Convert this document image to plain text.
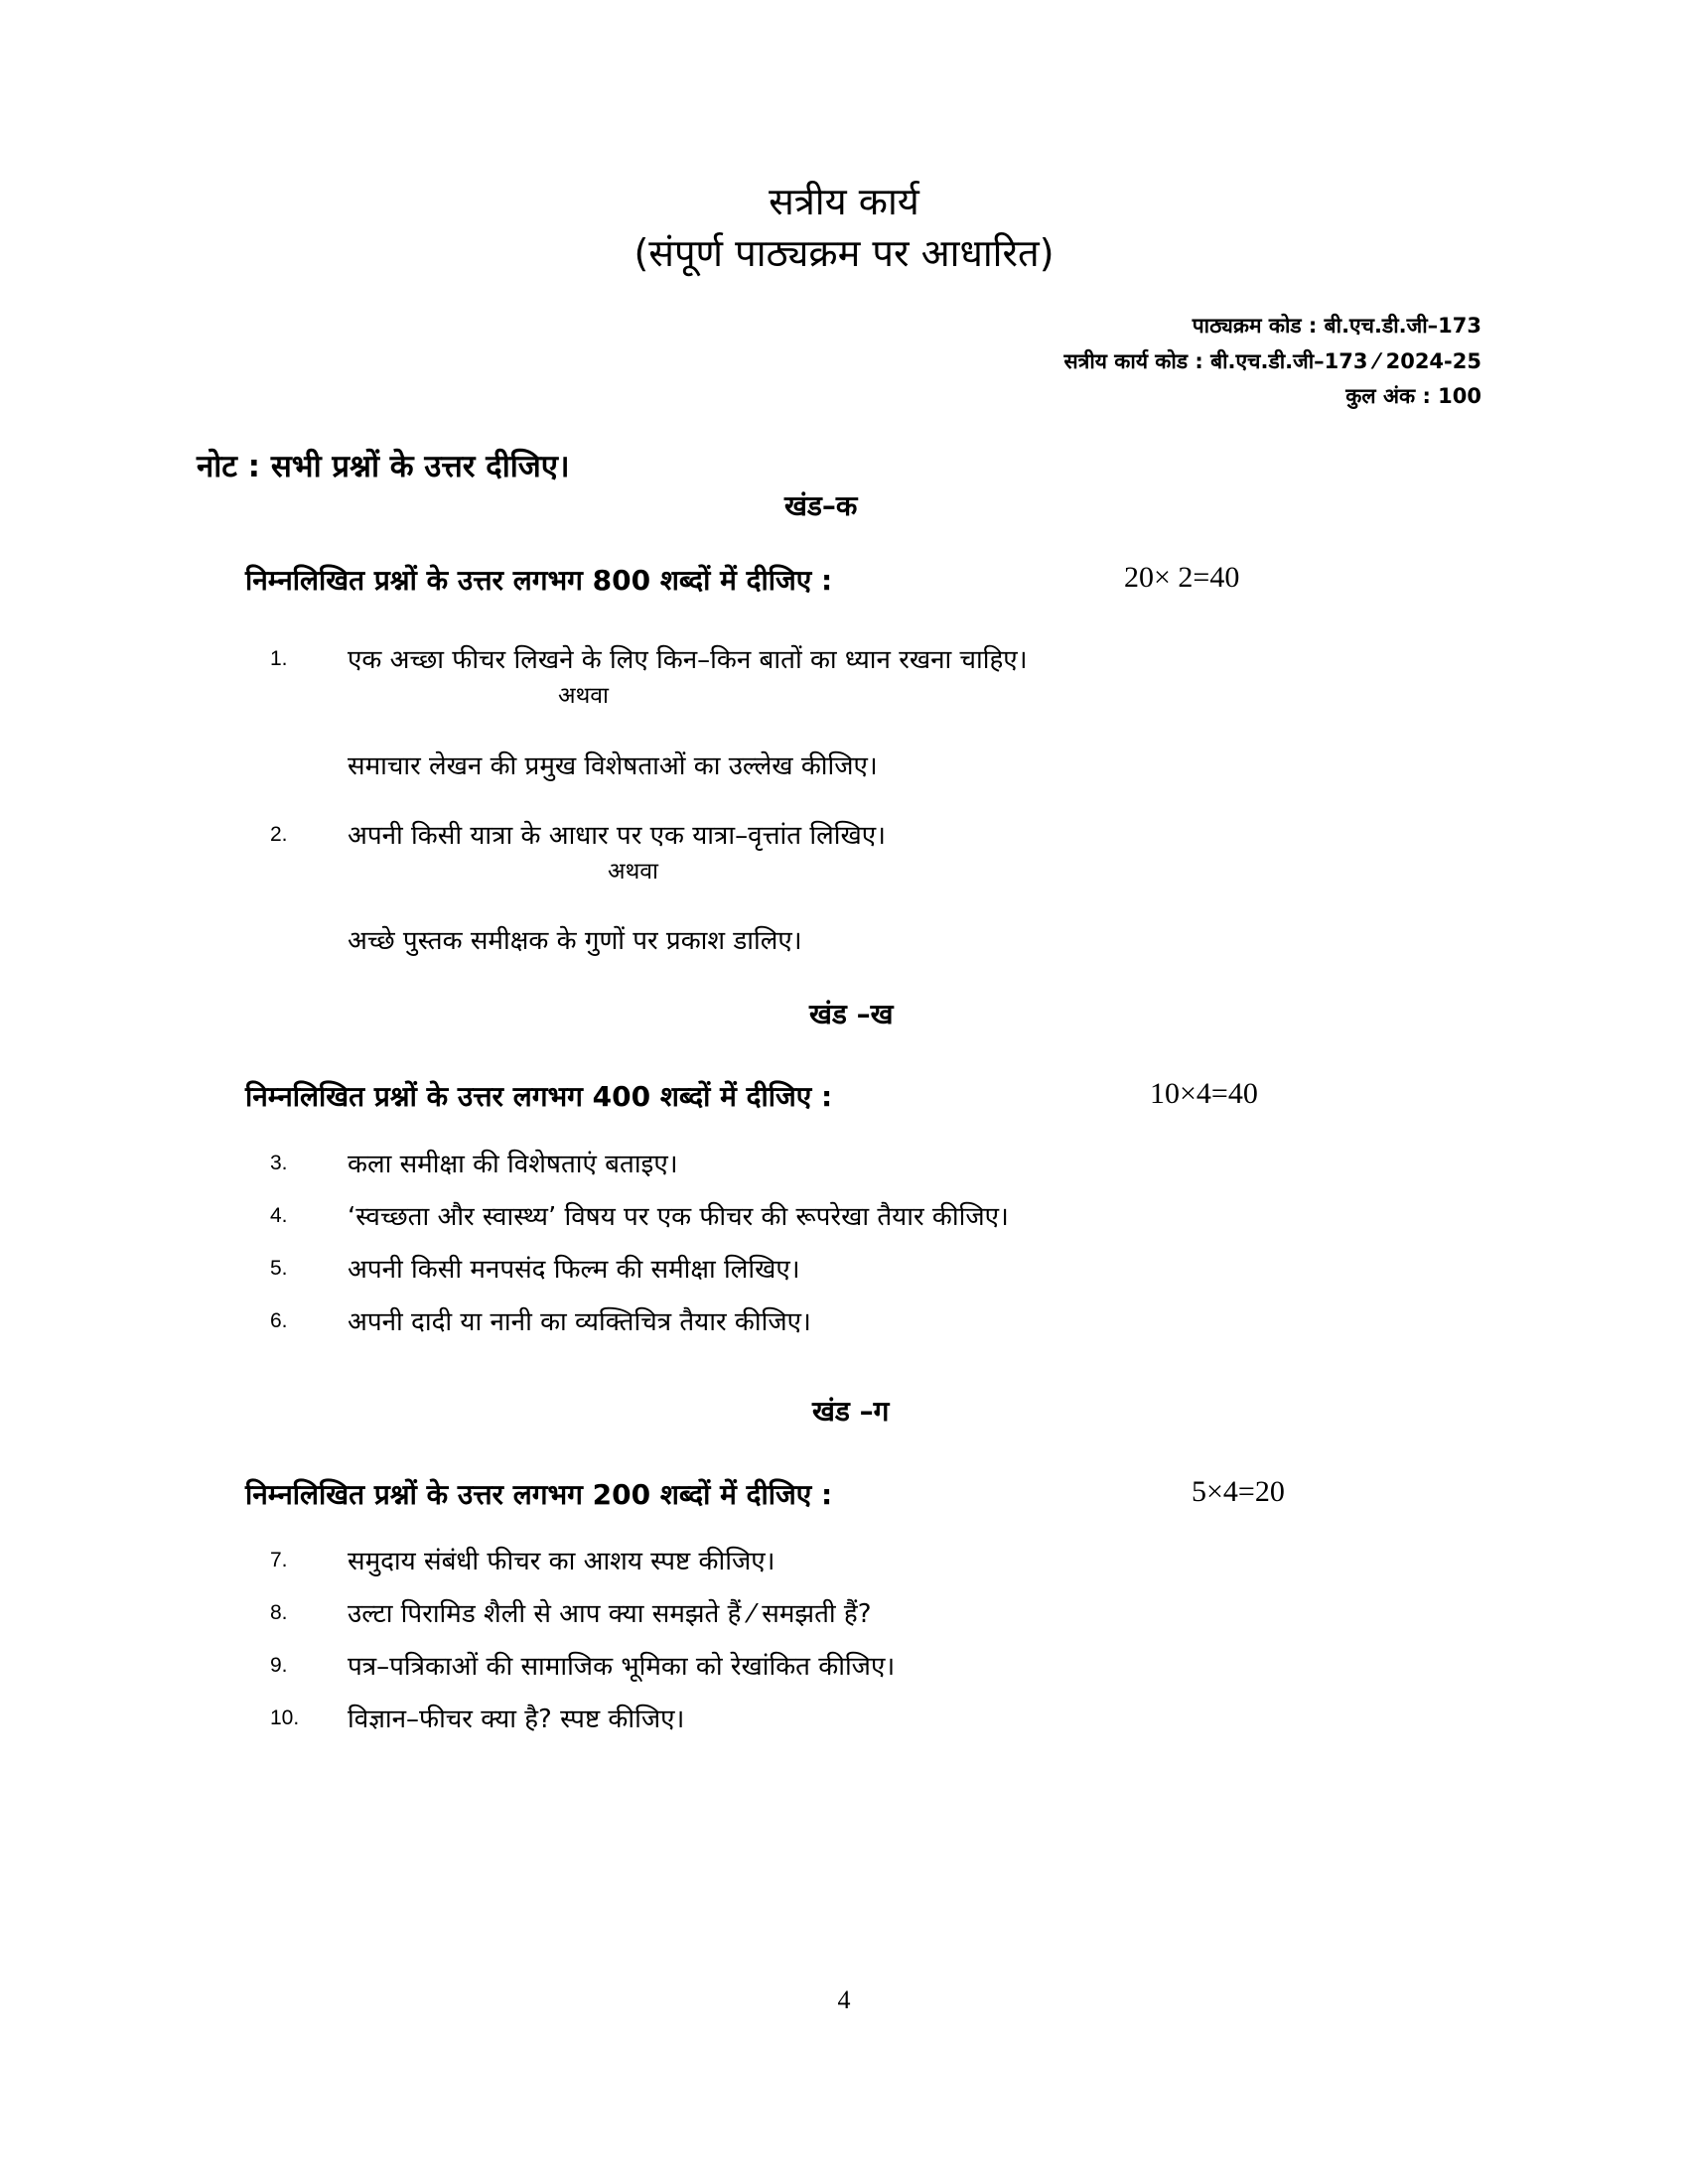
सत्रीय कार्य
(संपूर्ण पाठ्यक्रम पर आधारित)
पाठ्यक्रम कोड : बी.एच.डी.जी–173
सत्रीय कार्य कोड : बी.एच.डी.जी–173 ⁄ 2024-25
कुल अंक : 100
नोट : सभी प्रश्नों के उत्तर दीजिए।
खंड–क
निम्नलिखित प्रश्नों के उत्तर लगभग 800 शब्दों में दीजिए :	20× 2=40
1. एक अच्छा फीचर लिखने के लिए किन–किन बातों का ध्यान रखना चाहिए।
अथवा
समाचार लेखन की प्रमुख विशेषताओं का उल्लेख कीजिए।
2. अपनी किसी यात्रा के आधार पर एक यात्रा–वृत्तांत लिखिए।
अथवा
अच्छे पुस्तक समीक्षक के गुणों पर प्रकाश डालिए।
खंड –ख
निम्नलिखित प्रश्नों के उत्तर लगभग 400 शब्दों में दीजिए :	10×4=40
3. कला समीक्षा की विशेषताएं बताइए।
4. ‘स्वच्छता और स्वास्थ्य’ विषय पर एक फीचर की रूपरेखा तैयार कीजिए।
5. अपनी किसी मनपसंद फिल्म की समीक्षा लिखिए।
6. अपनी दादी या नानी का व्यक्तिचित्र तैयार कीजिए।
खंड –ग
निम्नलिखित प्रश्नों के उत्तर लगभग 200 शब्दों में दीजिए :	5×4=20
7. समुदाय संबंधी फीचर का आशय स्पष्ट कीजिए।
8. उल्टा पिरामिड शैली से आप क्या समझते हैं ⁄ समझती हैं?
9. पत्र–पत्रिकाओं की सामाजिक भूमिका को रेखांकित कीजिए।
10. विज्ञान–फीचर क्या है? स्पष्ट कीजिए।
4
